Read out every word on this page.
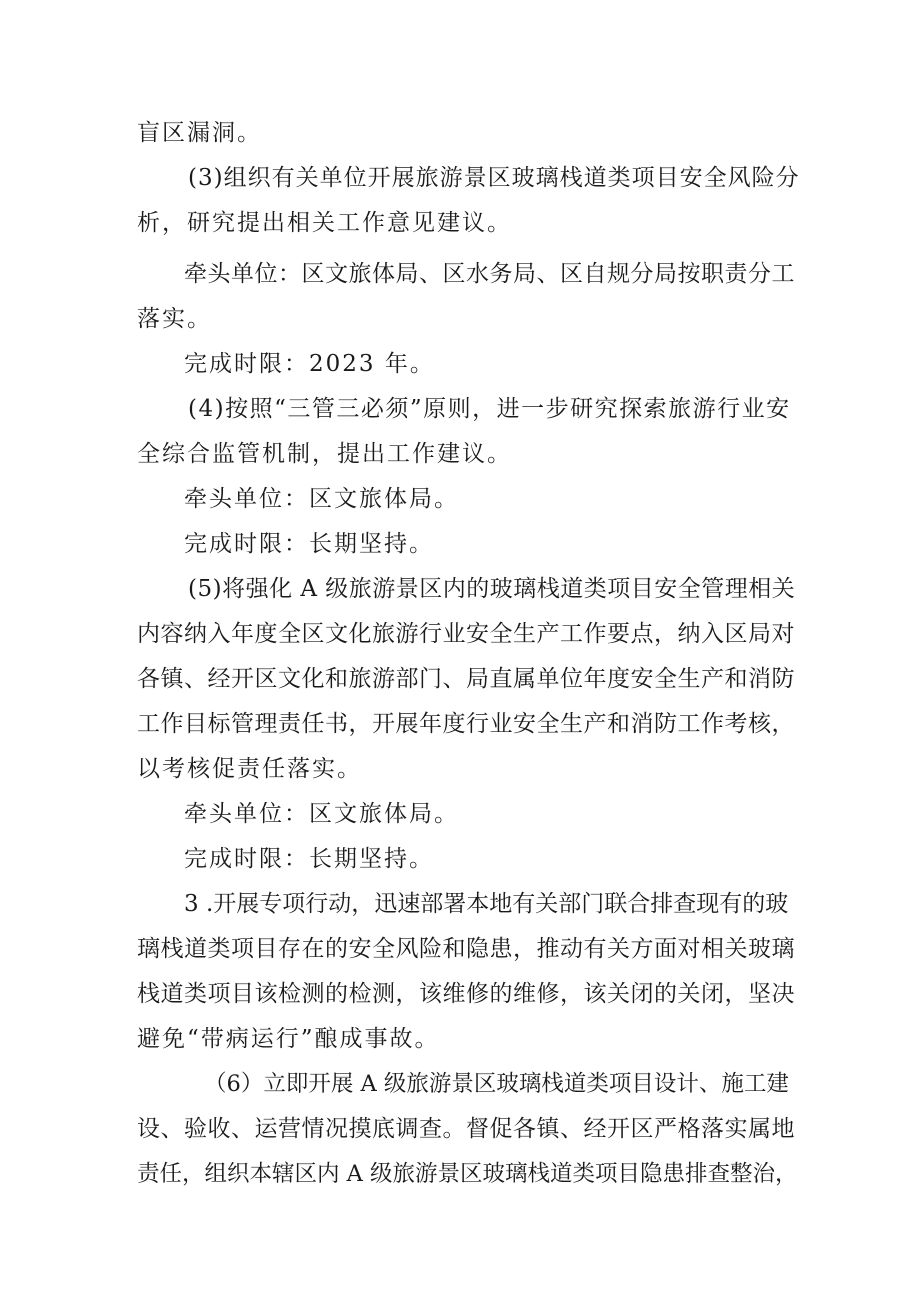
盲区漏洞。
(3)组织有关单位开展旅游景区玻璃栈道类项目安全风险分
析，研究提出相关工作意见建议。
牵头单位：区文旅体局、区水务局、区自规分局按职责分工
落实。
完成时限：2023 年。
(4)按照“三管三必须”原则，进一步研究探索旅游行业安
全综合监管机制，提出工作建议。
牵头单位：区文旅体局。
完成时限：长期坚持。
(5)将强化 A 级旅游景区内的玻璃栈道类项目安全管理相关
内容纳入年度全区文化旅游行业安全生产工作要点，纳入区局对
各镇、经开区文化和旅游部门、局直属单位年度安全生产和消防
工作目标管理责任书，开展年度行业安全生产和消防工作考核，
以考核促责任落实。
牵头单位：区文旅体局。
完成时限：长期坚持。
3 .开展专项行动，迅速部署本地有关部门联合排查现有的玻
璃栈道类项目存在的安全风险和隐患，推动有关方面对相关玻璃
栈道类项目该检测的检测，该维修的维修，该关闭的关闭，坚决
避免“带病运行”酿成事故。
（6）立即开展 A 级旅游景区玻璃栈道类项目设计、施工建
设、验收、运营情况摸底调查。督促各镇、经开区严格落实属地
责任，组织本辖区内 A 级旅游景区玻璃栈道类项目隐患排查整治，
